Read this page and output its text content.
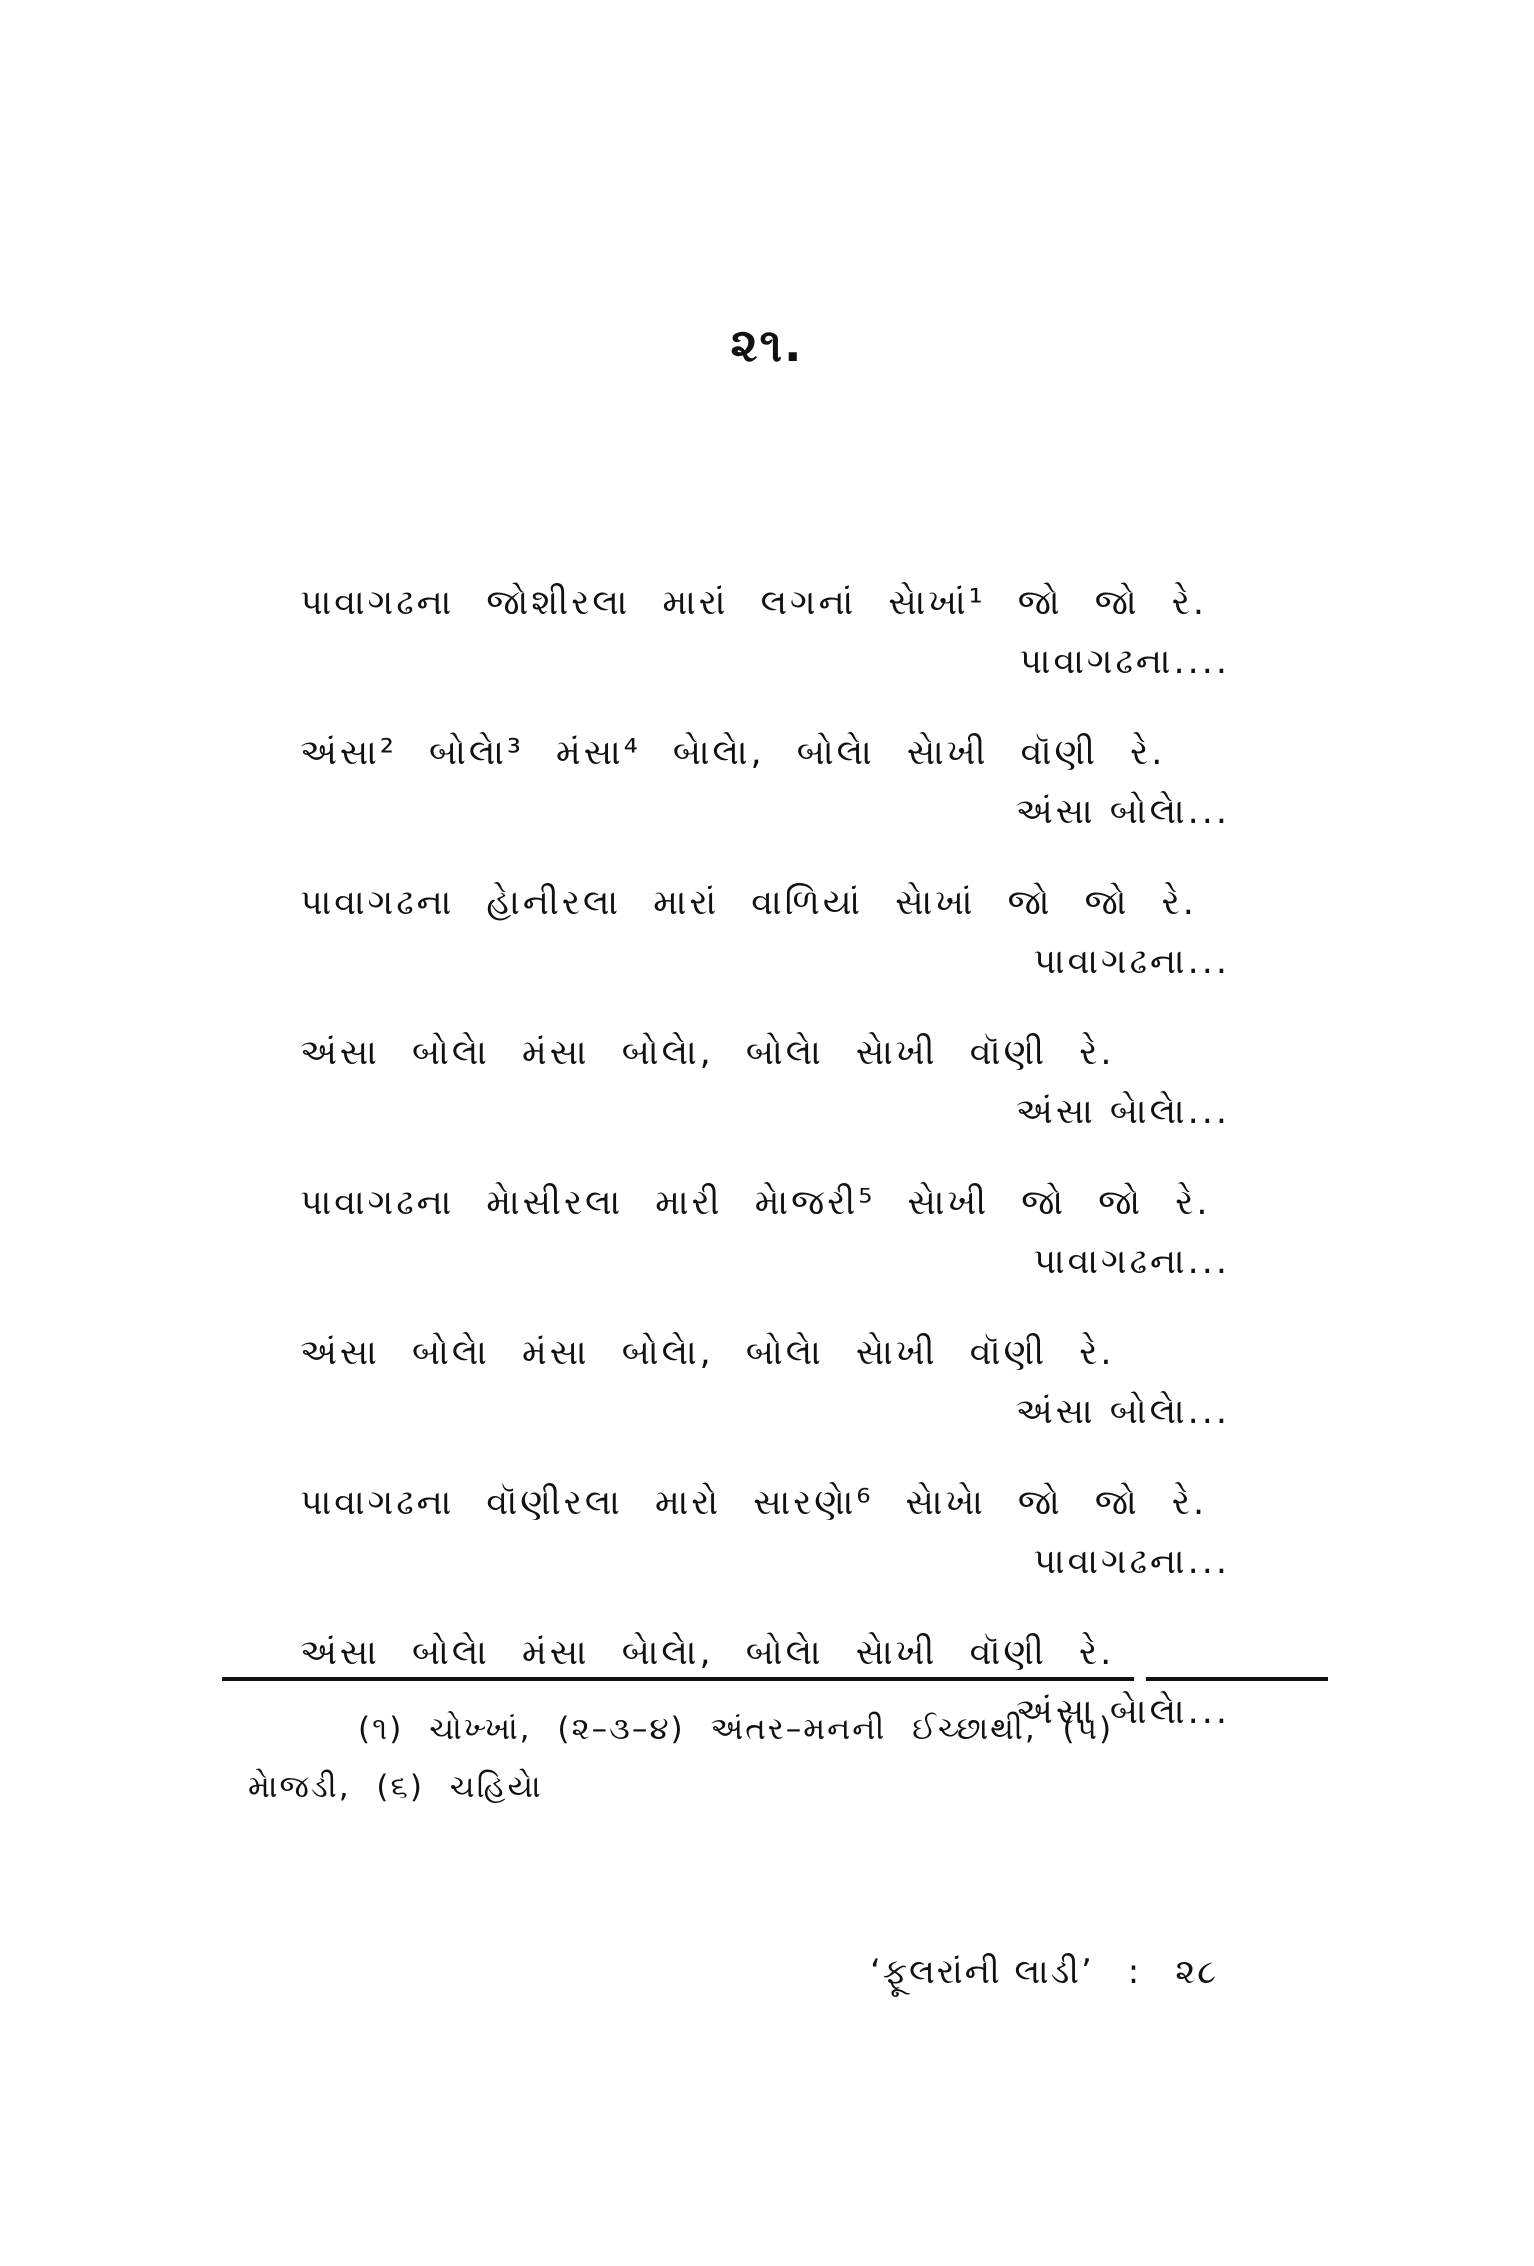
૨૧.
પાવાગઢના જોશીરલા મારાં લગનાં સેાખાં¹ જો જો રે.
પાવાગઢના....
અંસા² બોલેા³ મંસા⁴ બેાલેા, બોલેા સેાખી વૉણી રે.
અંસા બોલેા...
પાવાગઢના હેાનીરલા મારાં વાળિયાં સેાખાં જો જો રે.
પાવાગઢના...
અંસા બોલેા મંસા બોલેા, બોલેા સેાખી વૉણી રે.
અંસા બેાલેા...
પાવાગઢના મેાસીરલા મારી મેાજરી⁵ સેાખી જો જો રે.
પાવાગઢના...
અંસા બોલેા મંસા બોલેા, બોલેા સેાખી વૉણી રે.
અંસા બોલેા...
પાવાગઢના વૉણીરલા મારો સારણેા⁶ સેાખેા જો જો રે.
પાવાગઢના...
અંસા બોલેા મંસા બેાલેા, બોલેા સેાખી વૉણી રે.
અંસા બેાલેા...
(૧) ચોખ્ખાં, (૨–૩–૪) અંતર–મનની ઈચ્છાથી, (૫)
મેાજડી, (૬) ચહિયેા
‘ફૂલરાંની લાડી’ : ૨૮
